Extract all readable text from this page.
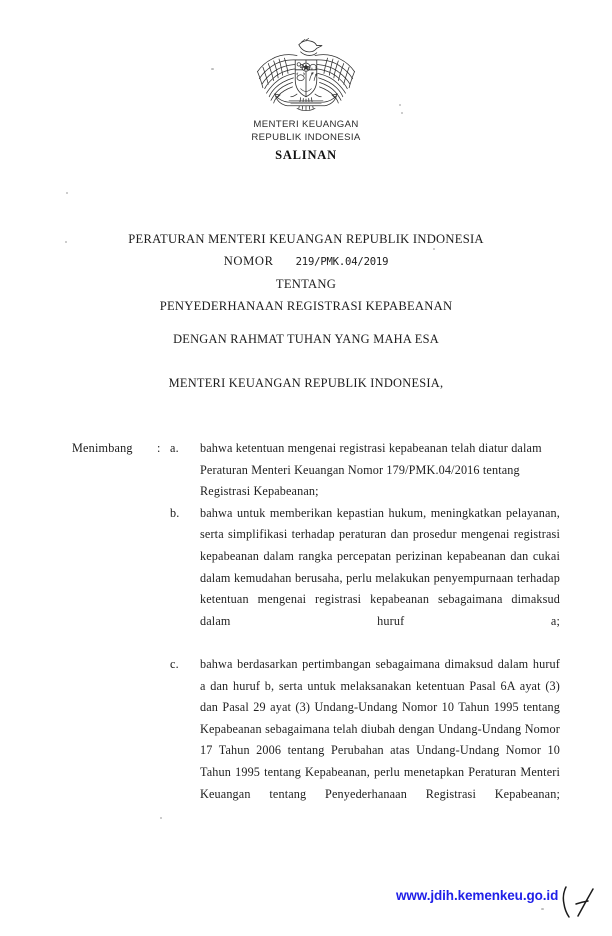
MENTERI KEUANGAN
REPUBLIK INDONESIA
SALINAN
PERATURAN MENTERI KEUANGAN REPUBLIK INDONESIA
NOMOR 219/PMK.04/2019
TENTANG
PENYEDERHANAAN REGISTRASI KEPABEANAN
DENGAN RAHMAT TUHAN YANG MAHA ESA
MENTERI KEUANGAN REPUBLIK INDONESIA,
Menimbang	: a.	bahwa ketentuan mengenai registrasi kepabeanan telah diatur dalam Peraturan Menteri Keuangan Nomor 179/PMK.04/2016 tentang Registrasi Kepabeanan;
b.	bahwa untuk memberikan kepastian hukum, meningkatkan pelayanan, serta simplifikasi terhadap peraturan dan prosedur mengenai registrasi kepabeanan dalam rangka percepatan perizinan kepabeanan dan cukai dalam kemudahan berusaha, perlu melakukan penyempurnaan terhadap ketentuan mengenai registrasi kepabeanan sebagaimana dimaksud dalam huruf a;
c.	bahwa berdasarkan pertimbangan sebagaimana dimaksud dalam huruf a dan huruf b, serta untuk melaksanakan ketentuan Pasal 6A ayat (3) dan Pasal 29 ayat (3) Undang-Undang Nomor 10 Tahun 1995 tentang Kepabeanan sebagaimana telah diubah dengan Undang-Undang Nomor 17 Tahun 2006 tentang Perubahan atas Undang-Undang Nomor 10 Tahun 1995 tentang Kepabeanan, perlu menetapkan Peraturan Menteri Keuangan tentang Penyederhanaan Registrasi Kepabeanan;
www.jdih.kemenkeu.go.id
